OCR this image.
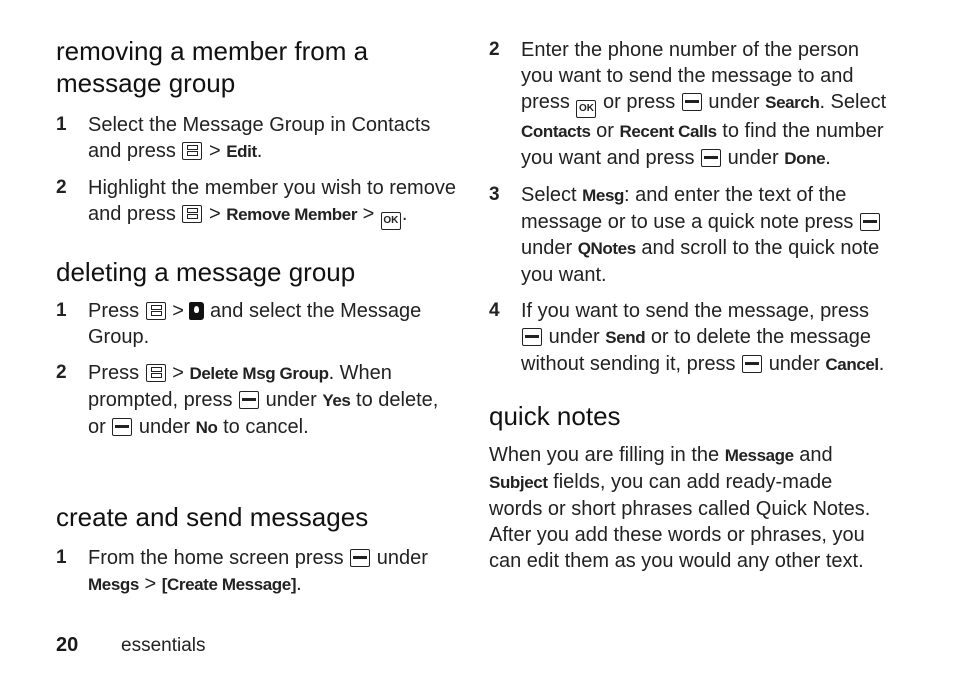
removing a member from a message group
1 Select the Message Group in Contacts and press  > Edit.
2 Highlight the member you wish to remove and press  > Remove Member > OK .
deleting a message group
1 Press  >  and select the Message Group.
2 Press  > Delete Msg Group. When prompted, press under Yes to delete, or under No to cancel.
create and send messages
1 From the home screen press under Mesgs > [Create Message].
2 Enter the phone number of the person you want to send the message to and press OK or press under Search. Select Contacts or Recent Calls to find the number you want and press under Done.
3 Select Mesg: and enter the text of the message or to use a quick note press  under QNotes and scroll to the quick note you want.
4 If you want to send the message, press  under Send or to delete the message without sending it, press under Cancel.
quick notes
When you are filling in the Message and Subject fields, you can add ready-made words or short phrases called Quick Notes. After you add these words or phrases, you can edit them as you would any other text.
20 essentials
